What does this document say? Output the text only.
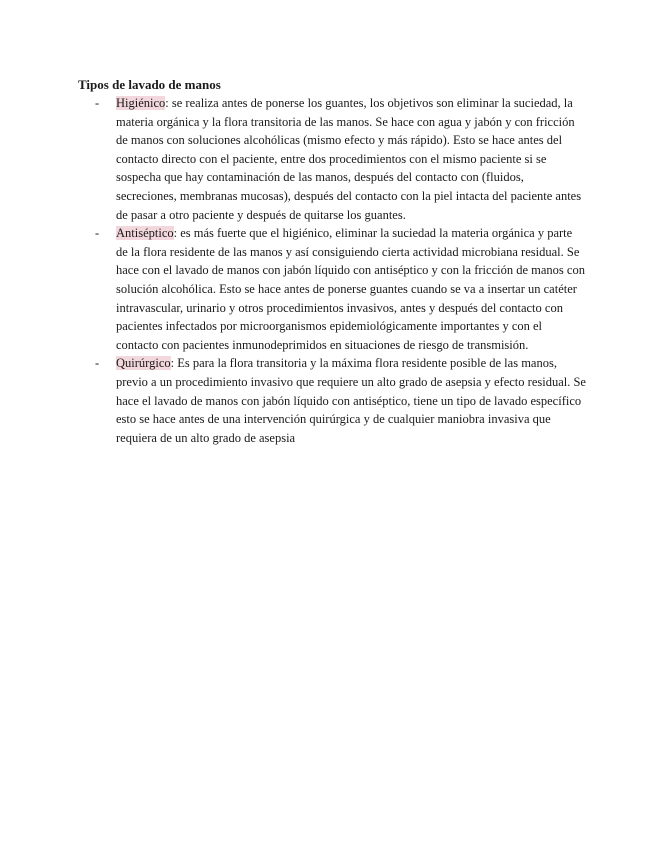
Tipos de lavado de manos
- Higiénico: se realiza antes de ponerse los guantes, los objetivos son eliminar la suciedad, la materia orgánica y la flora transitoria de las manos. Se hace con agua y jabón y con fricción de manos con soluciones alcohólicas (mismo efecto y más rápido). Esto se hace antes del contacto directo con el paciente, entre dos procedimientos con el mismo paciente si se sospecha que hay contaminación de las manos, después del contacto con (fluidos, secreciones, membranas mucosas), después del contacto con la piel intacta del paciente antes de pasar a otro paciente y después de quitarse los guantes.

- Antiséptico: es más fuerte que el higiénico, eliminar la suciedad la materia orgánica y parte de la flora residente de las manos y así consiguiendo cierta actividad microbiana residual. Se hace con el lavado de manos con jabón líquido con antiséptico y con la fricción de manos con solución alcohólica. Esto se hace antes de ponerse guantes cuando se va a insertar un catéter intravascular, urinario y otros procedimientos invasivos, antes y después del contacto con pacientes infectados por microorganismos epidemiológicamente importantes y con el contacto con pacientes inmunodeprimidos en situaciones de riesgo de transmisión.

- Quirúrgico: Es para la flora transitoria y la máxima flora residente posible de las manos, previo a un procedimiento invasivo que requiere un alto grado de asepsia y efecto residual. Se hace el lavado de manos con jabón líquido con antiséptico, tiene un tipo de lavado específico esto se hace antes de una intervención quirúrgica y de cualquier maniobra invasiva que requiera de un alto grado de asepsia
